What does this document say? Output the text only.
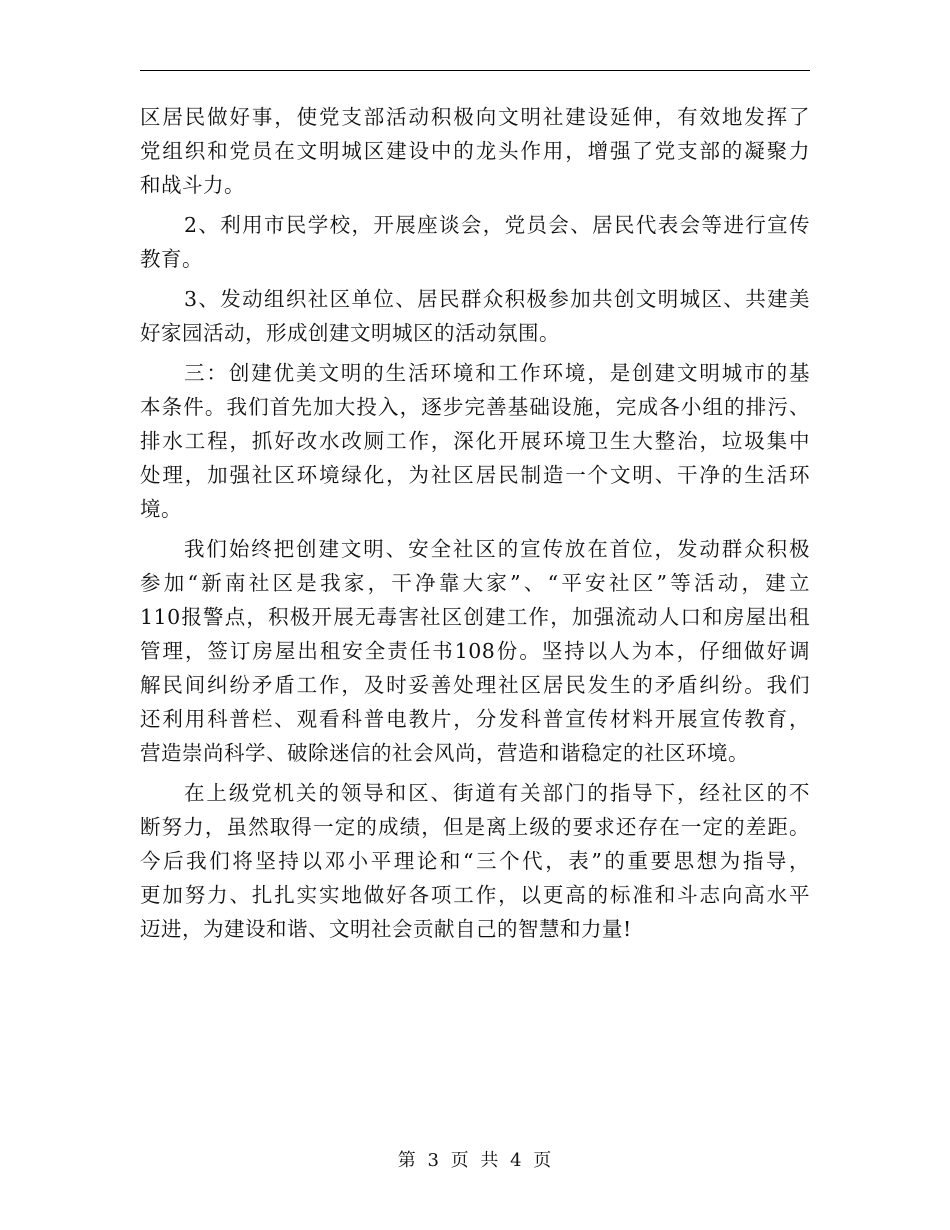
区居民做好事，使党支部活动积极向文明社建设延伸，有效地发挥了
党组织和党员在文明城区建设中的龙头作用，增强了党支部的凝聚力
和战斗力。
2、利用市民学校，开展座谈会，党员会、居民代表会等进行宣传
教育。
3、发动组织社区单位、居民群众积极参加共创文明城区、共建美
好家园活动，形成创建文明城区的活动氛围。
三：创建优美文明的生活环境和工作环境，是创建文明城市的基
本条件。我们首先加大投入，逐步完善基础设施，完成各小组的排污、
排水工程，抓好改水改厕工作，深化开展环境卫生大整治，垃圾集中
处理，加强社区环境绿化，为社区居民制造一个文明、干净的生活环
境。
我们始终把创建文明、安全社区的宣传放在首位，发动群众积极
参加“新南社区是我家，干净靠大家”、“平安社区”等活动，建立
110报警点，积极开展无毒害社区创建工作，加强流动人口和房屋出租
管理，签订房屋出租安全责任书108份。坚持以人为本，仔细做好调
解民间纠纷矛盾工作，及时妥善处理社区居民发生的矛盾纠纷。我们
还利用科普栏、观看科普电教片，分发科普宣传材料开展宣传教育，
营造崇尚科学、破除迷信的社会风尚，营造和谐稳定的社区环境。
在上级党机关的领导和区、街道有关部门的指导下，经社区的不
断努力，虽然取得一定的成绩，但是离上级的要求还存在一定的差距。
今后我们将坚持以邓小平理论和“三个代，表”的重要思想为指导，
更加努力、扎扎实实地做好各项工作，以更高的标准和斗志向高水平
迈进，为建设和谐、文明社会贡献自己的智慧和力量!
第 3 页 共 4 页
